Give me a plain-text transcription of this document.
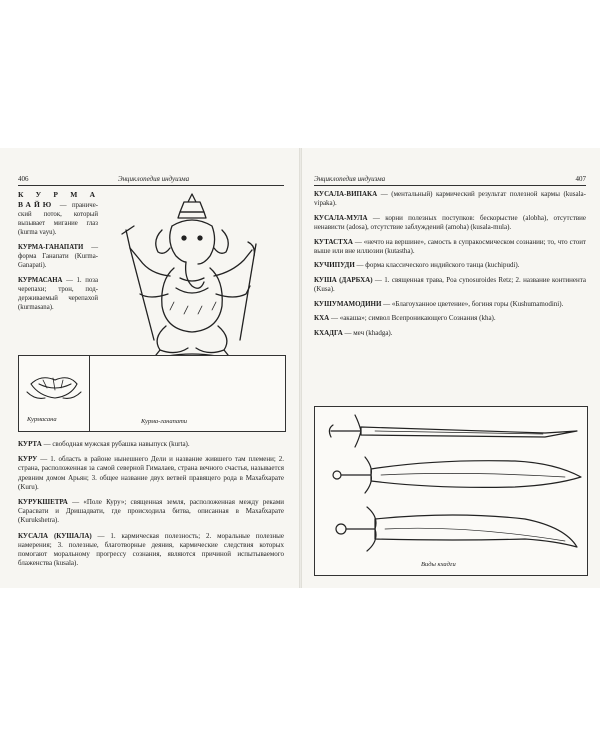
406	Энциклопедия индуизма

К У Р М А ВАЙЮ — пранический поток, который вызывает мигание глаз (kurma vayu).

КУРМА-ГАНАПАТИ — форма Ганапати (Kurma-Ganapati).

КУРМАСАНА — 1. поза черепахи; трон, поддерживаемый черепахой (kurmasana).

Курмасана	Курма-ганапати

КУРТА — свободная мужская рубашка навыпуск (kurta).

КУРУ — 1. область в районе нынешнего Дели и название жившего там племени; 2. страна, расположенная за самой северной Гималаев, страна вечного счастья, называется древним домом Арьян; 3. общее название двух ветвей правящего рода в Махабхарате (Kuru).

КУРУКШЕТРА — «Поле Куру»; священная земля, расположенная между реками Сарасвати и Дришадвати, где происходила битва, описанная в Махабхарате (Kurukshetra).

КУСАЛА (КУШАЛА) — 1. кармическая полезность; 2. моральные полезные намерения; 3. полезные, благотворные деяния, кармические следствия которых помогают моральному прогрессу сознания, являются причиной испытываемого блаженства (kusala).

Энциклопедия индуизма	407

КУСАЛА-ВИПАКА — (ментальный) кармический результат полезной кармы (kusala-vipaka).

КУСАЛА-МУЛА — корни полезных поступков: бескорыстие (alobha), отсутствие ненависти (adosa), отсутствие заблуждений (amoha) (kusala-mula).

КУТАСТХА — «нечто на вершине», самость в супракосмическом сознании; то, что стоит выше или вне иллюзии (kutastha).

КУЧИПУДИ — форма классического индийского танца (kuchipudi).

КУША (ДАРБХА) — 1. священная трава, Poa cynosuroides Retz; 2. название континента (Kusa).

КУШУМАМОДИНИ — «Благоуханное цветение», богиня горы (Kushumamodini).

КХА — «акаша»; символ Всепроникающего Сознания (kha).

КХАДГА — меч (khadga).

Виды кхадги
